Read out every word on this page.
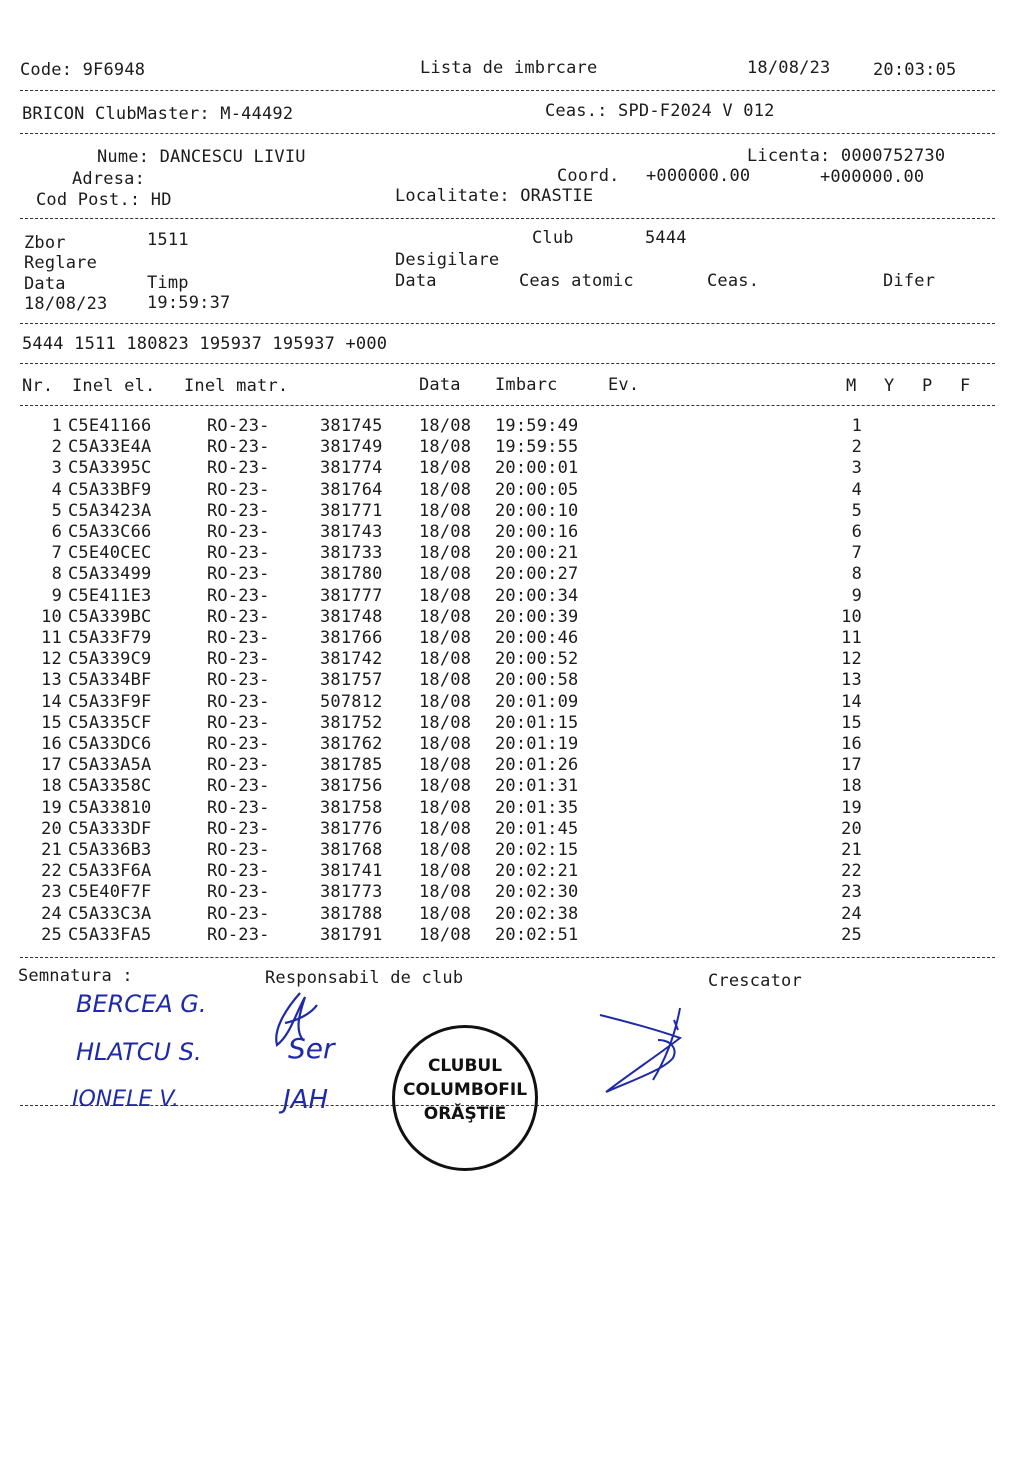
Code: 9F6948	Lista de imbrcare	18/08/23	20:03:05
BRICON ClubMaster: M-44492	Ceas.: SPD-F2024 V 012
Nume: DANCESCU LIVIU	Licenta: 0000752730
Adresa:	Coord. +000000.00	+000000.00
Cod Post.: HD	Localitate: ORASTIE
Zbor	1511	Club	5444
Reglare	Desigilare
Data	Timp	Data	Ceas atomic	Ceas.	Difer
18/08/23 19:59:37
5444 1511 180823 195937 195937 +000
Nr. Inel el. Inel matr.	Data Imbarc	Ev.	M Y P F
1 C5E41166	RO-23-	381745 18/08 19:59:49	1
2 C5A33E4A	RO-23-	381749 18/08 19:59:55	2
3 C5A3395C	RO-23-	381774 18/08 20:00:01	3
4 C5A33BF9	RO-23-	381764 18/08 20:00:05	4
5 C5A3423A	RO-23-	381771 18/08 20:00:10	5
6 C5A33C66	RO-23-	381743 18/08 20:00:16	6
7 C5E40CEC	RO-23-	381733 18/08 20:00:21	7
8 C5A33499	RO-23-	381780 18/08 20:00:27	8
9 C5E411E3	RO-23-	381777 18/08 20:00:34	9
10 C5A339BC	RO-23-	381748 18/08 20:00:39	10
11 C5A33F79	RO-23-	381766 18/08 20:00:46	11
12 C5A339C9	RO-23-	381742 18/08 20:00:52	12
13 C5A334BF	RO-23-	381757 18/08 20:00:58	13
14 C5A33F9F	RO-23-	507812 18/08 20:01:09	14
15 C5A335CF	RO-23-	381752 18/08 20:01:15	15
16 C5A33DC6	RO-23-	381762 18/08 20:01:19	16
17 C5A33A5A	RO-23-	381785 18/08 20:01:26	17
18 C5A3358C	RO-23-	381756 18/08 20:01:31	18
19 C5A33810	RO-23-	381758 18/08 20:01:35	19
20 C5A333DF	RO-23-	381776 18/08 20:01:45	20
21 C5A336B3	RO-23-	381768 18/08 20:02:15	21
22 C5A33F6A	RO-23-	381741 18/08 20:02:21	22
23 C5E40F7F	RO-23-	381773 18/08 20:02:30	23
24 C5A33C3A	RO-23-	381788 18/08 20:02:38	24
25 C5A33FA5	RO-23-	381791 18/08 20:02:51	25
Semnatura :	Responsabil de club	Crescator
BERCEA G.
HLATCU S.
IONELE V.
Ser
JAH
CLUBUL
COLUMBOFIL
ORĂŞTIE
